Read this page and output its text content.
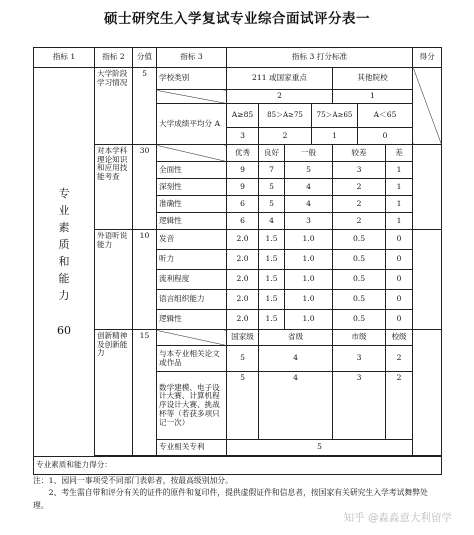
硕士研究生入学复试专业综合面试评分表一
指标 1	指标 2	分值	指标 3	指标 3 打分标准							得分

专业素质和能力
60	大学阶段学习情况	5	学校类别	211 或国家重点				其他院校			
				2				1			
			大学成绩平均分 A	A≥85	85＞A≥75		75＞A≥65		A＜65		
				3	2		1		0		
	对本学科理论知识和应用技能考查	30		优秀	良好	一般		较差		差	
			全面性	9	7	5		3		1	
			深刻性	9	5	4		2		1	
			准确性	6	5	4		2		1	
			逻辑性	6	4	3		2		1	
	外语听说能力	10	发音	2.0	1.5	1.0		0.5		0	
			听力	2.0	1.5	1.0		0.5		0	
			流利程度	2.0	1.5	1.0		0.5		0	
			语言组织能力	2.0	1.5	1.0		0.5		0	
			逻辑性	2.0	1.5	1.0		0.5		0	
	创新精神及创新能力	15		国家级	省级			市级		校级	
			与本专业相关论文或作品	5	4			3		2	
			数学建模、电子设计大赛、计算机程序设计大赛、挑战杯等（若获多项只记一次）	5	4			3		2	
			专业相关专利	5							

专业素质和能力得分：											
注：1、园同一事项受不同部门表彰者，按最高级别加分。
2、考生需自带和评分有关的证件的原件和复印件，提供虚假证件和信息者，按国家有关研究生入学考试舞弊处理。
知乎 @淼淼意大利留学
